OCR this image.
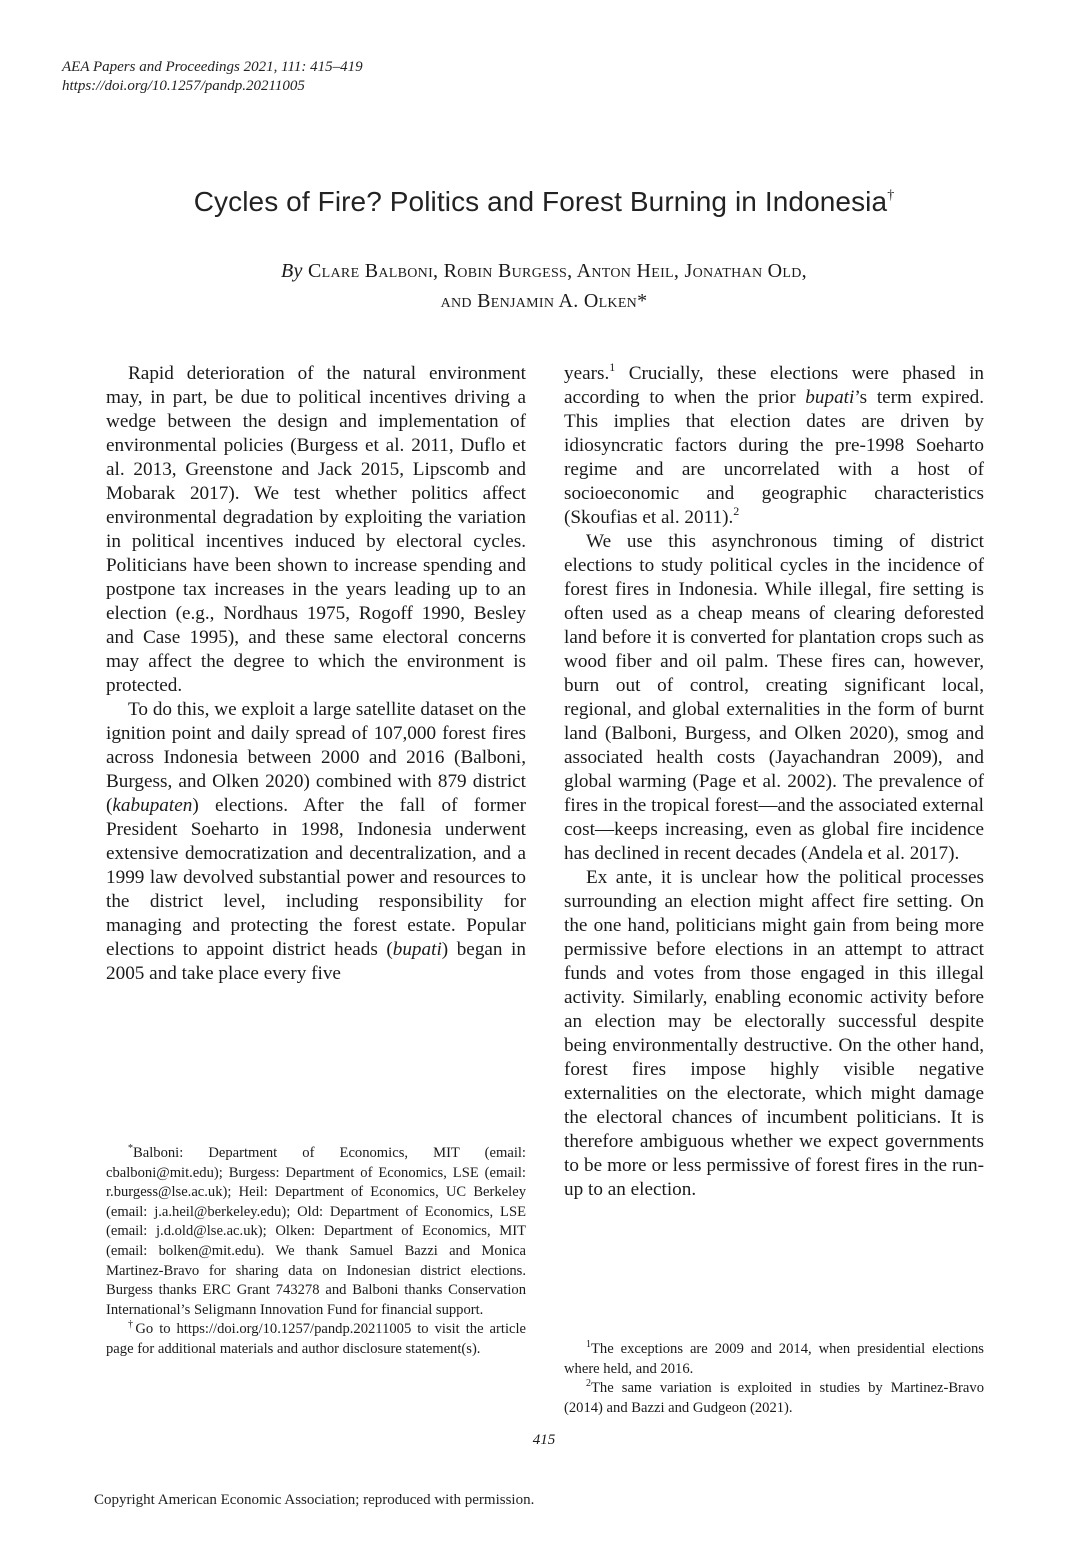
AEA Papers and Proceedings 2021, 111: 415–419
https://doi.org/10.1257/pandp.20211005
Cycles of Fire? Politics and Forest Burning in Indonesia†
By Clare Balboni, Robin Burgess, Anton Heil, Jonathan Old,
and Benjamin A. Olken*

Rapid deterioration of the natural environment may, in part, be due to political incentives driving a wedge between the design and implementation of environmental policies (Burgess et al. 2011, Duflo et al. 2013, Greenstone and Jack 2015, Lipscomb and Mobarak 2017). We test whether politics affect environmental degradation by exploiting the variation in political incentives induced by electoral cycles. Politicians have been shown to increase spending and postpone tax increases in the years leading up to an election (e.g., Nordhaus 1975, Rogoff 1990, Besley and Case 1995), and these same electoral concerns may affect the degree to which the environment is protected.

To do this, we exploit a large satellite dataset on the ignition point and daily spread of 107,000 forest fires across Indonesia between 2000 and 2016 (Balboni, Burgess, and Olken 2020) combined with 879 district (kabupaten) elections. After the fall of former President Soeharto in 1998, Indonesia underwent extensive democratization and decentralization, and a 1999 law devolved substantial power and resources to the district level, including responsibility for managing and protecting the forest estate. Popular elections to appoint district heads (bupati) began in 2005 and take place every five

years.$^1$ Crucially, these elections were phased in according to when the prior bupati’s term expired. This implies that election dates are driven by idiosyncratic factors during the pre-1998 Soeharto regime and are uncorrelated with a host of socioeconomic and geographic characteristics (Skoufias et al. 2011).$^2$

We use this asynchronous timing of district elections to study political cycles in the incidence of forest fires in Indonesia. While illegal, fire setting is often used as a cheap means of clearing deforested land before it is converted for plantation crops such as wood fiber and oil palm. These fires can, however, burn out of control, creating significant local, regional, and global externalities in the form of burnt land (Balboni, Burgess, and Olken 2020), smog and associated health costs (Jayachandran 2009), and global warming (Page et al. 2002). The prevalence of fires in the tropical forest—and the associated external cost—keeps increasing, even as global fire incidence has declined in recent decades (Andela et al. 2017).

Ex ante, it is unclear how the political processes surrounding an election might affect fire setting. On the one hand, politicians might gain from being more permissive before elections in an attempt to attract funds and votes from those engaged in this illegal activity. Similarly, enabling economic activity before an election may be electorally successful despite being environmentally destructive. On the other hand, forest fires impose highly visible negative externalities on the electorate, which might damage the electoral chances of incumbent politicians. It is therefore ambiguous whether we expect governments to be more or less permissive of forest fires in the run-up to an election.

*Balboni: Department of Economics, MIT (email: cbalboni@mit.edu); Burgess: Department of Economics, LSE (email: r.burgess@lse.ac.uk); Heil: Department of Economics, UC Berkeley (email: j.a.heil@berkeley.edu); Old: Department of Economics, LSE (email: j.d.old@lse.ac.uk); Olken: Department of Economics, MIT (email: bolken@mit.edu). We thank Samuel Bazzi and Monica Martinez-Bravo for sharing data on Indonesian district elections. Burgess thanks ERC Grant 743278 and Balboni thanks Conservation International’s Seligmann Innovation Fund for financial support.

†Go to https://doi.org/10.1257/pandp.20211005 to visit the article page for additional materials and author disclosure statement(s).	$^1$The exceptions are 2009 and 2014, when presidential elections where held, and 2016.

$^2$The same variation is exploited in studies by Martinez-Bravo (2014) and Bazzi and Gudgeon (2021).

415
Copyright American Economic Association; reproduced with permission.
